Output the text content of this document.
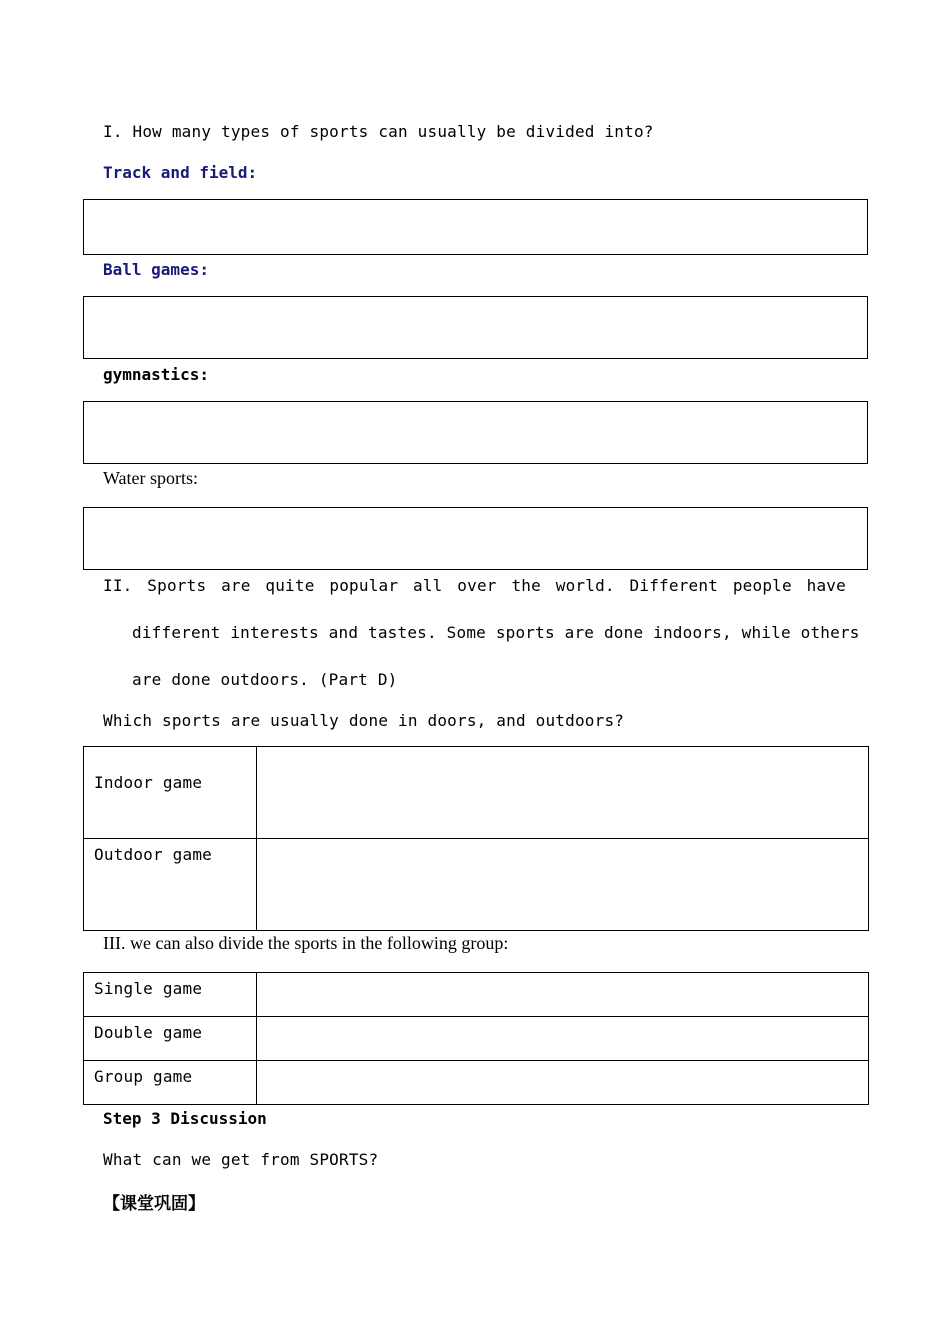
I. How many types of sports can usually be divided into?
Track and field:
Ball games:
gymnastics:
Water sports:
II. Sports are quite popular all over the world. Different people have
different interests and tastes. Some sports are done indoors, while others
are done outdoors. (Part D)
Which sports are usually done in doors, and outdoors?
Indoor game	
Outdoor game	
III. we can also divide the sports in the following group:
Single game	
Double game	
Group game	
Step 3 Discussion
What can we get from SPORTS?
【课堂巩固】
